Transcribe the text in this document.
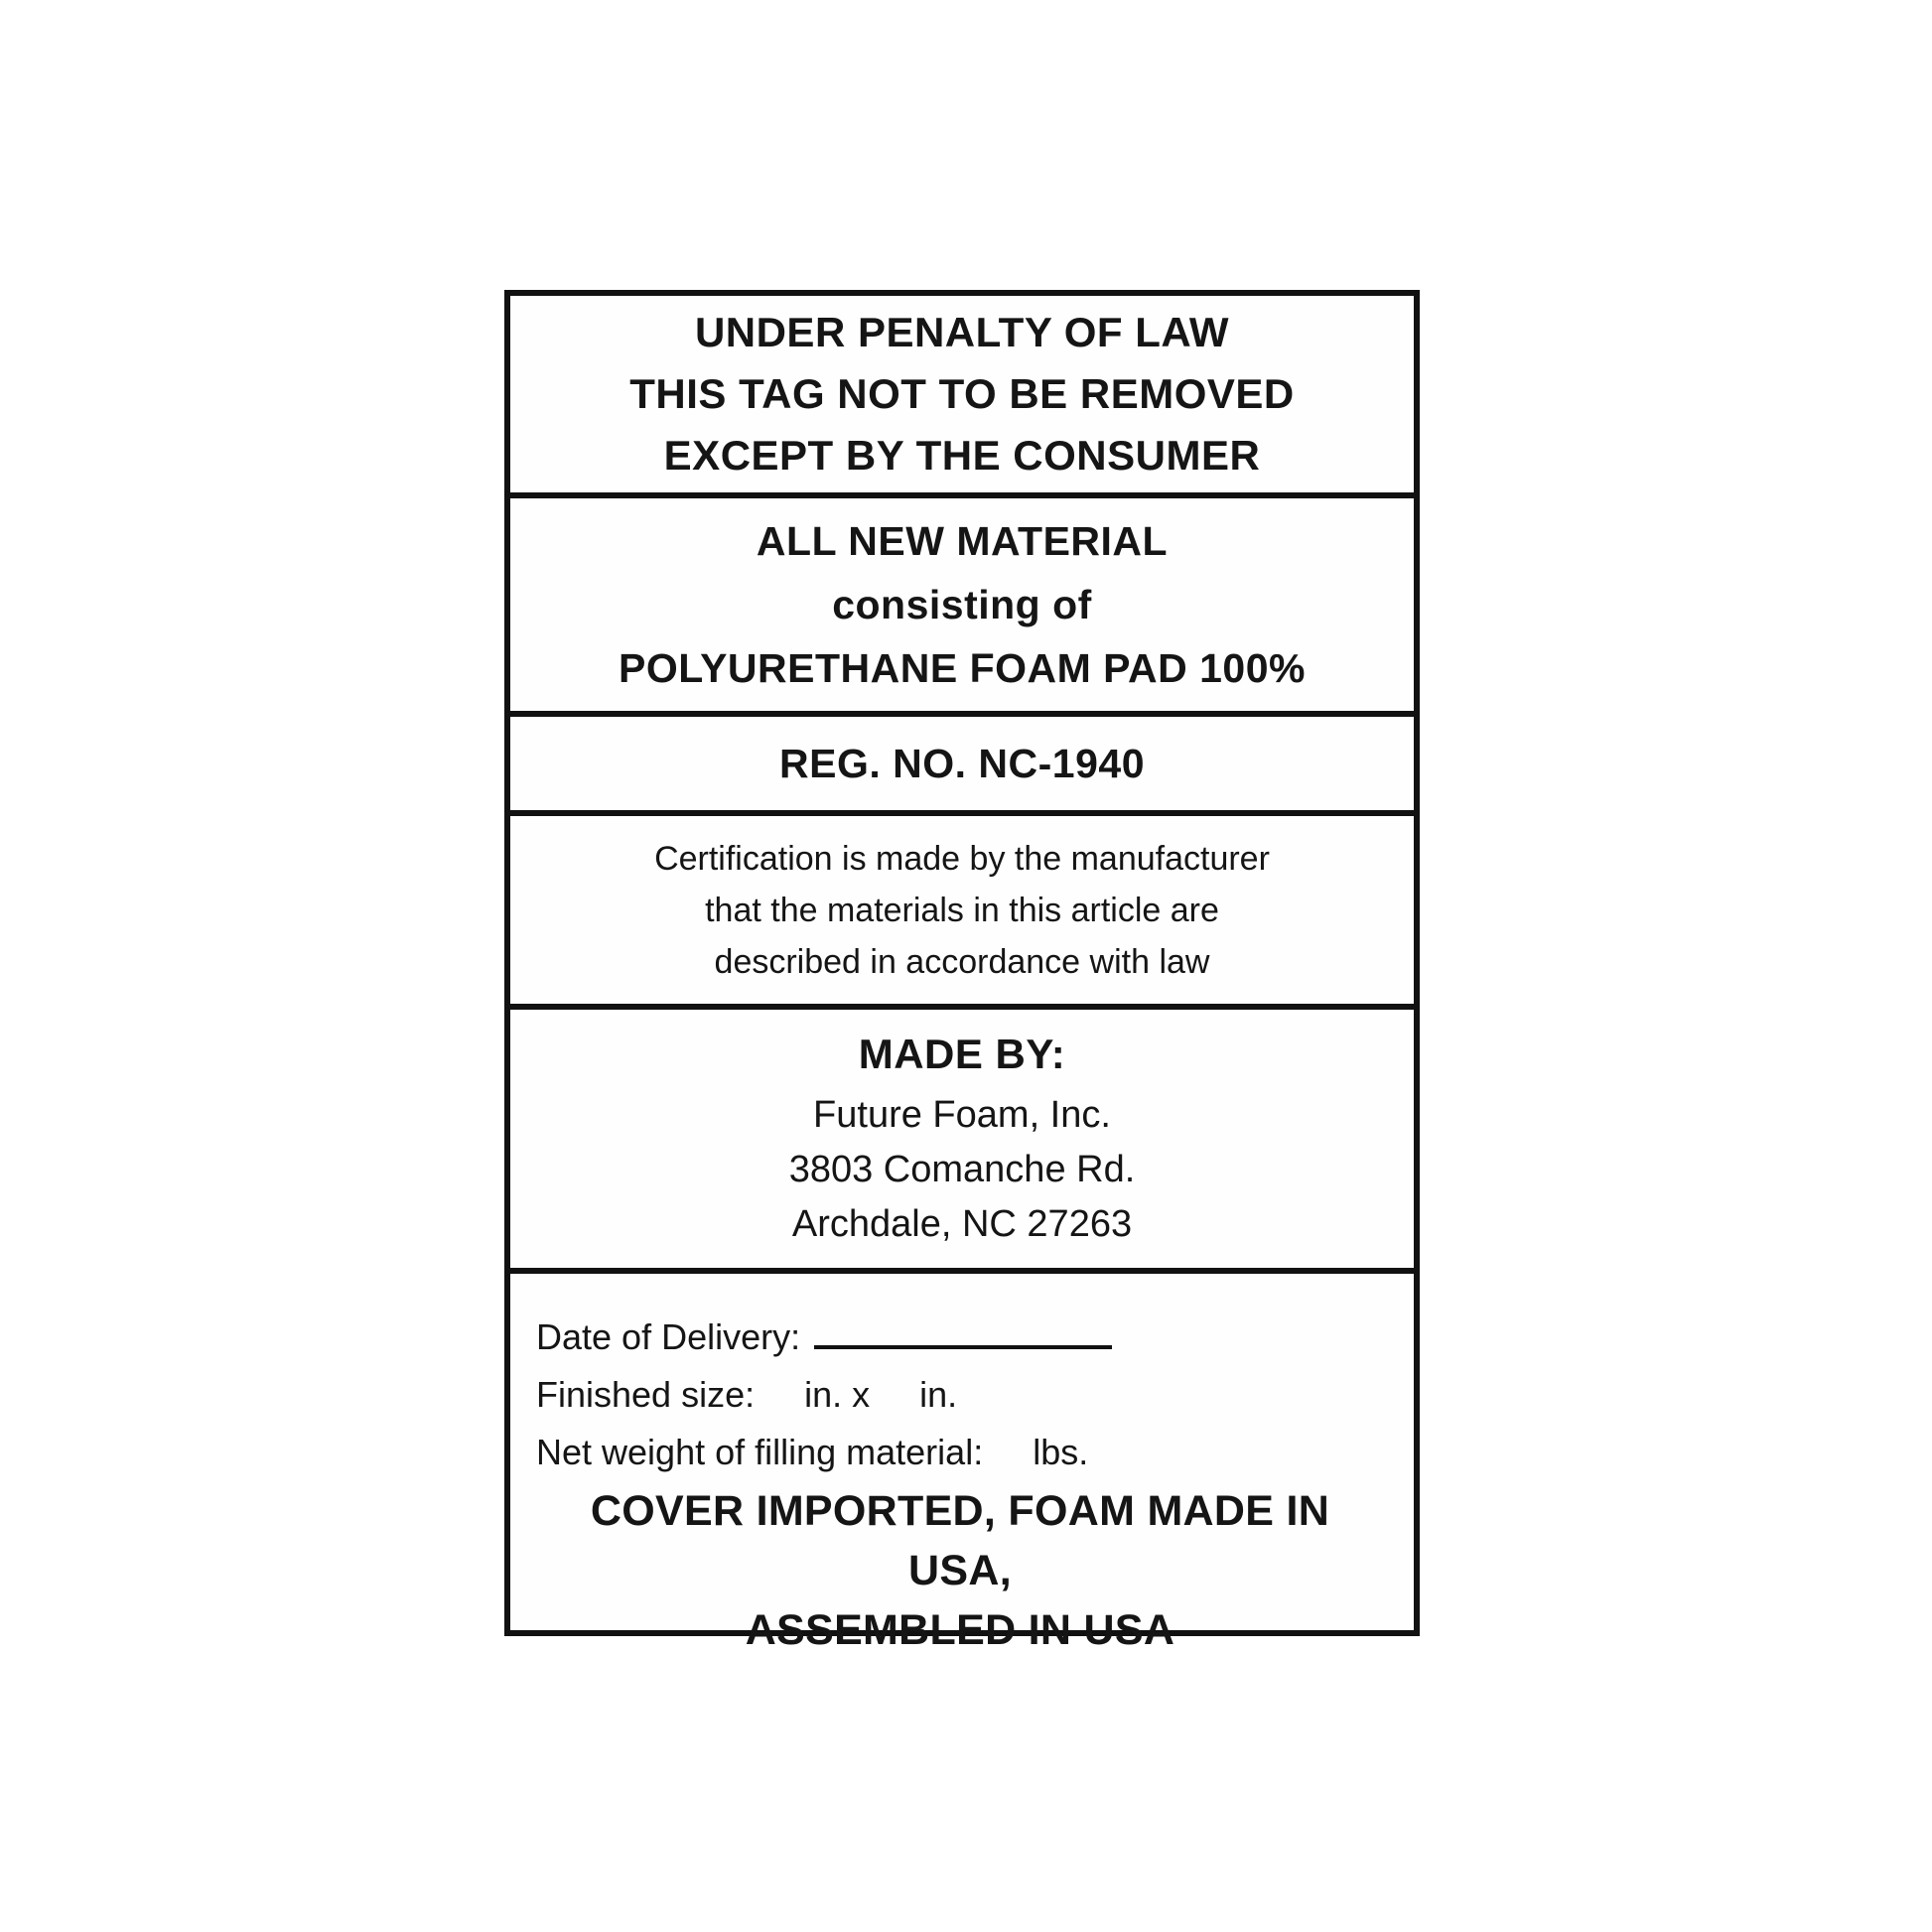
UNDER PENALTY OF LAW
THIS TAG NOT TO BE REMOVED
EXCEPT BY THE CONSUMER
ALL NEW MATERIAL
consisting of
POLYURETHANE FOAM PAD 100%
REG. NO. NC-1940
Certification is made by the manufacturer
that the materials in this article are
described in accordance with law
MADE BY:
Future Foam, Inc.
3803 Comanche Rd.
Archdale, NC 27263
Date of Delivery:
Finished size:     in. x     in.
Net weight of filling material:     lbs.
COVER IMPORTED, FOAM MADE IN USA,
ASSEMBLED IN USA
